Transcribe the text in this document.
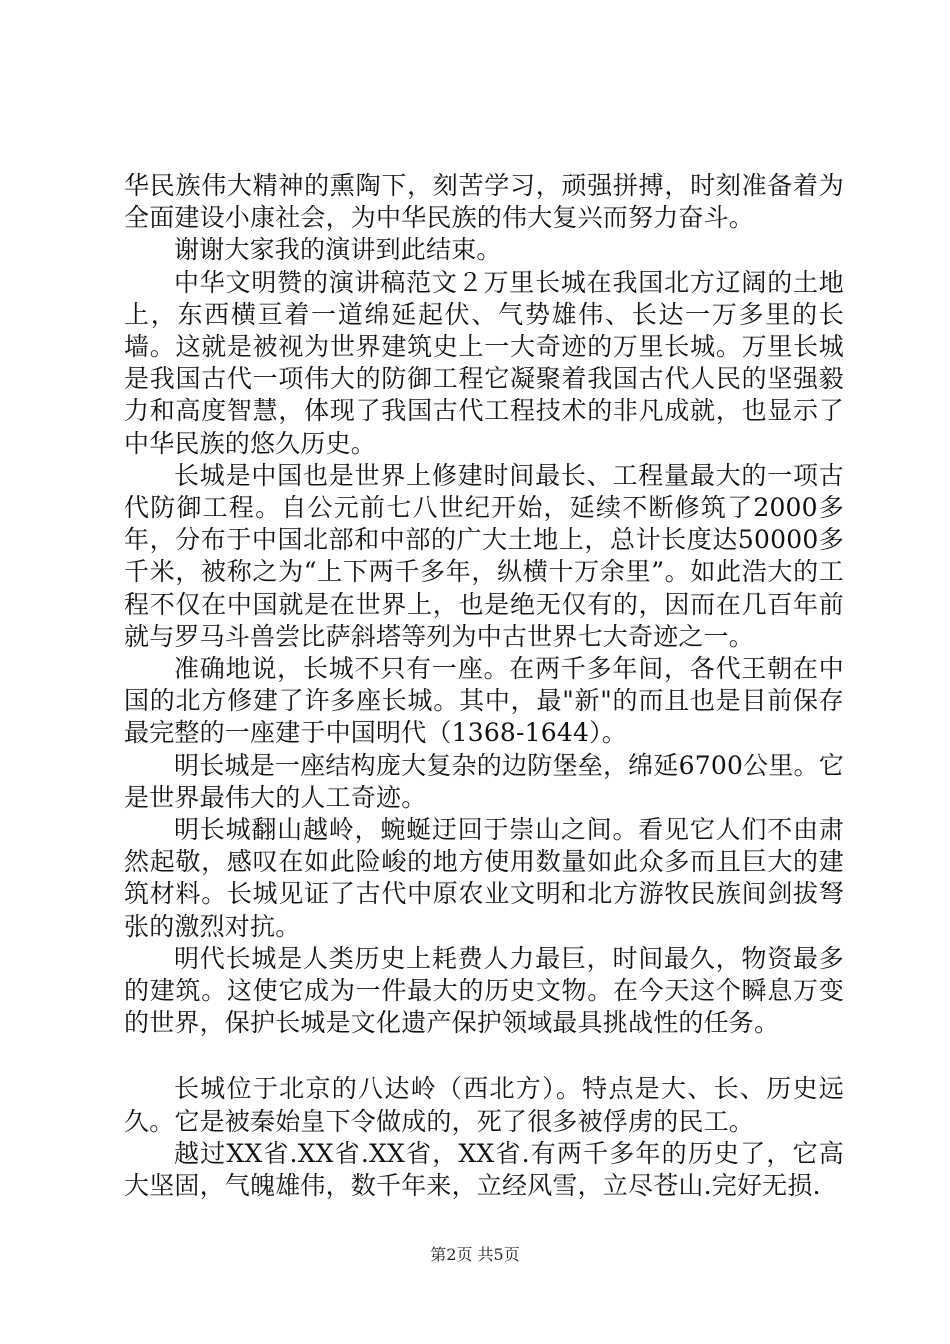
华民族伟大精神的熏陶下，刻苦学习，顽强拼搏，时刻准备着为全面建设小康社会，为中华民族的伟大复兴而努力奋斗。

谢谢大家我的演讲到此结束。

中华文明赞的演讲稿范文２万里长城在我国北方辽阔的土地上，东西横亘着一道绵延起伏、气势雄伟、长达一万多里的长墙。这就是被视为世界建筑史上一大奇迹的万里长城。万里长城是我国古代一项伟大的防御工程它凝聚着我国古代人民的坚强毅力和高度智慧，体现了我国古代工程技术的非凡成就，也显示了中华民族的悠久历史。

长城是中国也是世界上修建时间最长、工程量最大的一项古代防御工程。自公元前七八世纪开始，延续不断修筑了2000多年，分布于中国北部和中部的广大土地上，总计长度达50000多千米，被称之为“上下两千多年，纵横十万余里”。如此浩大的工程不仅在中国就是在世界上，也是绝无仅有的，因而在几百年前就与罗马斗兽尝比萨斜塔等列为中古世界七大奇迹之一。

准确地说，长城不只有一座。在两千多年间，各代王朝在中国的北方修建了许多座长城。其中，最"新"的而且也是目前保存最完整的一座建于中国明代（1368-1644）。

明长城是一座结构庞大复杂的边防堡垒，绵延6700公里。它是世界最伟大的人工奇迹。

明长城翻山越岭，蜿蜒迂回于崇山之间。看见它人们不由肃然起敬，感叹在如此险峻的地方使用数量如此众多而且巨大的建筑材料。长城见证了古代中原农业文明和北方游牧民族间剑拔弩张的激烈对抗。

明代长城是人类历史上耗费人力最巨，时间最久，物资最多的建筑。这使它成为一件最大的历史文物。在今天这个瞬息万变的世界，保护长城是文化遗产保护领域最具挑战性的任务。

长城位于北京的八达岭（西北方）。特点是大、长、历史远久。它是被秦始皇下令做成的，死了很多被俘虏的民工。

越过XX省.XX省.XX省，XX省.有两千多年的历史了，它高大坚固，气魄雄伟，数千年来，立经风雪，立尽苍山.完好无损.

第2页 共5页
